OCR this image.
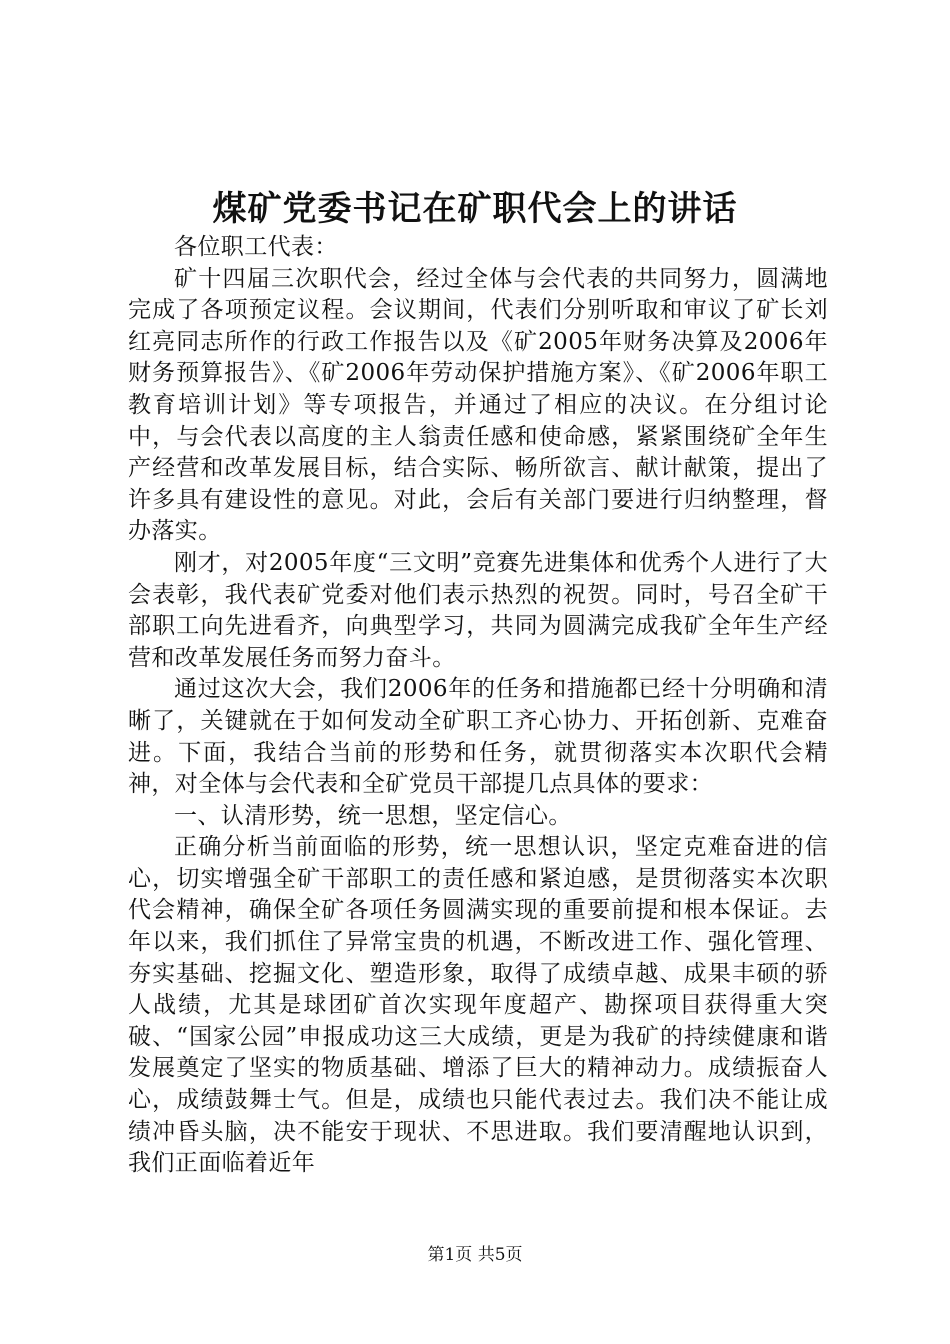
煤矿党委书记在矿职代会上的讲话

各位职工代表：

矿十四届三次职代会，经过全体与会代表的共同努力，圆满地完成了各项预定议程。会议期间，代表们分别听取和审议了矿长刘红亮同志所作的行政工作报告以及《矿2005年财务决算及2006年财务预算报告》、《矿2006年劳动保护措施方案》、《矿2006年职工教育培训计划》等专项报告，并通过了相应的决议。在分组讨论中，与会代表以高度的主人翁责任感和使命感，紧紧围绕矿全年生产经营和改革发展目标，结合实际、畅所欲言、献计献策，提出了许多具有建设性的意见。对此，会后有关部门要进行归纳整理，督办落实。

刚才，对2005年度“三文明”竞赛先进集体和优秀个人进行了大会表彰，我代表矿党委对他们表示热烈的祝贺。同时，号召全矿干部职工向先进看齐，向典型学习，共同为圆满完成我矿全年生产经营和改革发展任务而努力奋斗。

通过这次大会，我们2006年的任务和措施都已经十分明确和清晰了，关键就在于如何发动全矿职工齐心协力、开拓创新、克难奋进。下面，我结合当前的形势和任务，就贯彻落实本次职代会精神，对全体与会代表和全矿党员干部提几点具体的要求：

一、认清形势，统一思想，坚定信心。

正确分析当前面临的形势，统一思想认识，坚定克难奋进的信心，切实增强全矿干部职工的责任感和紧迫感，是贯彻落实本次职代会精神，确保全矿各项任务圆满实现的重要前提和根本保证。去年以来，我们抓住了异常宝贵的机遇，不断改进工作、强化管理、夯实基础、挖掘文化、塑造形象，取得了成绩卓越、成果丰硕的骄人战绩，尤其是球团矿首次实现年度超产、勘探项目获得重大突破、“国家公园”申报成功这三大成绩，更是为我矿的持续健康和谐发展奠定了坚实的物质基础、增添了巨大的精神动力。成绩振奋人心，成绩鼓舞士气。但是，成绩也只能代表过去。我们决不能让成绩冲昏头脑，决不能安于现状、不思进取。我们要清醒地认识到，我们正面临着近年

第1页 共5页
